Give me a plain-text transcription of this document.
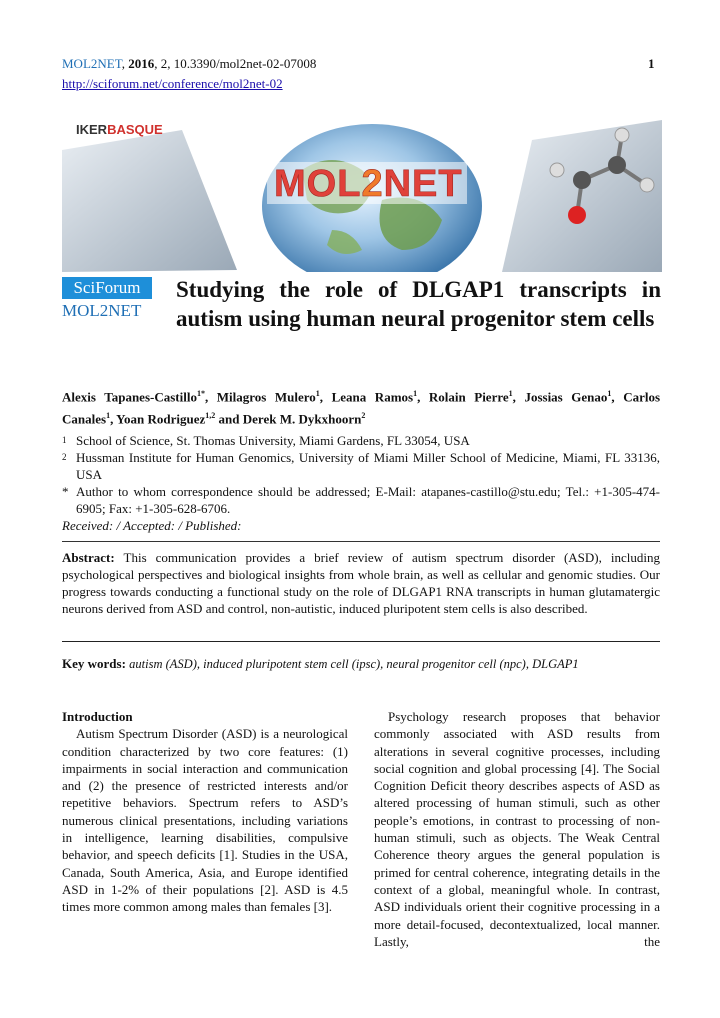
MOL2NET, 2016, 2, 10.3390/mol2net-02-07008	1
http://sciforum.net/conference/mol2net-02
IKERBASQUE
MOL2NET
SciForum
MOL2NET
Studying the role of DLGAP1 transcripts in autism using human neural progenitor stem cells
Alexis Tapanes-Castillo$^{1*}$, Milagros Mulero$^1$, Leana Ramos$^1$, Rolain Pierre$^1$, Jossias Genao$^1$, Carlos Canales$^1$, Yoan Rodriguez$^{1,2}$ and Derek M. Dykxhoorn$^2$
1 School of Science, St. Thomas University, Miami Gardens, FL 33054, USA
2 Hussman Institute for Human Genomics, University of Miami Miller School of Medicine, Miami, FL 33136, USA
* Author to whom correspondence should be addressed; E-Mail: atapanes-castillo@stu.edu; Tel.: +1-305-474-6905; Fax: +1-305-628-6706.

Received: / Accepted: / Published:

Abstract: This communication provides a brief review of autism spectrum disorder (ASD), including psychological perspectives and biological insights from whole brain, as well as cellular and genomic studies. Our progress towards conducting a functional study on the role of DLGAP1 RNA transcripts in human glutamatergic neurons derived from ASD and control, non-autistic, induced pluripotent stem cells is also described.
Key words: autism (ASD), induced pluripotent stem cell (ipsc), neural progenitor cell (npc), DLGAP1
Introduction

Autism Spectrum Disorder (ASD) is a neurological condition characterized by two core features: (1) impairments in social interaction and communication and (2) the presence of restricted interests and/or repetitive behaviors. Spectrum refers to ASD’s numerous clinical presentations, including variations in intelligence, learning disabilities, compulsive behavior, and speech deficits [1]. Studies in the USA, Canada, South America, Asia, and Europe identified ASD in 1-2% of their populations [2]. ASD is 4.5 times more common among males than females [3].

Psychology research proposes that behavior commonly associated with ASD results from alterations in several cognitive processes, including social cognition and global processing [4]. The Social Cognition Deficit theory describes aspects of ASD as altered processing of human stimuli, such as other people’s emotions, in contrast to processing of non-human stimuli, such as objects. The Weak Central Coherence theory argues the general population is primed for central coherence, integrating details in the context of a global, meaningful whole. In contrast, ASD individuals orient their cognitive processing in a more detail-focused, decontextualized, local manner. Lastly, the
